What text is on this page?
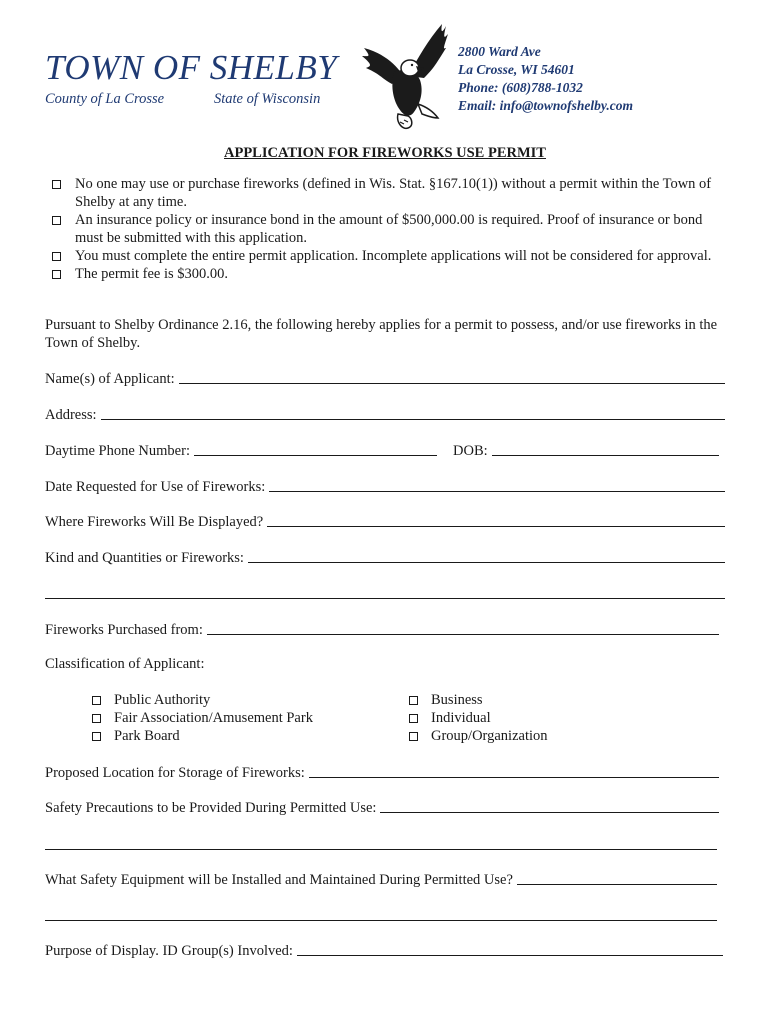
TOWN OF SHELBY
County of La Crosse	State of Wisconsin
2800 Ward Ave
La Crosse, WI 54601
Phone: (608)788-1032
Email: info@townofshelby.com
APPLICATION FOR FIREWORKS USE PERMIT
No one may use or purchase fireworks (defined in Wis. Stat. §167.10(1)) without a permit within the Town of Shelby at any time.
An insurance policy or insurance bond in the amount of $500,000.00 is required. Proof of insurance or bond must be submitted with this application.
You must complete the entire permit application. Incomplete applications will not be considered for approval.
The permit fee is $300.00.
Pursuant to Shelby Ordinance 2.16, the following hereby applies for a permit to possess, and/or use fireworks in the Town of Shelby.
Name(s) of Applicant:
Address:
Daytime Phone Number:	DOB:
Date Requested for Use of Fireworks:
Where Fireworks Will Be Displayed?
Kind and Quantities or Fireworks:
Fireworks Purchased from:
Classification of Applicant:
Public Authority
Fair Association/Amusement Park
Park Board
Business
Individual
Group/Organization
Proposed Location for Storage of Fireworks:
Safety Precautions to be Provided During Permitted Use:
What Safety Equipment will be Installed and Maintained During Permitted Use?
Purpose of Display. ID Group(s) Involved:
